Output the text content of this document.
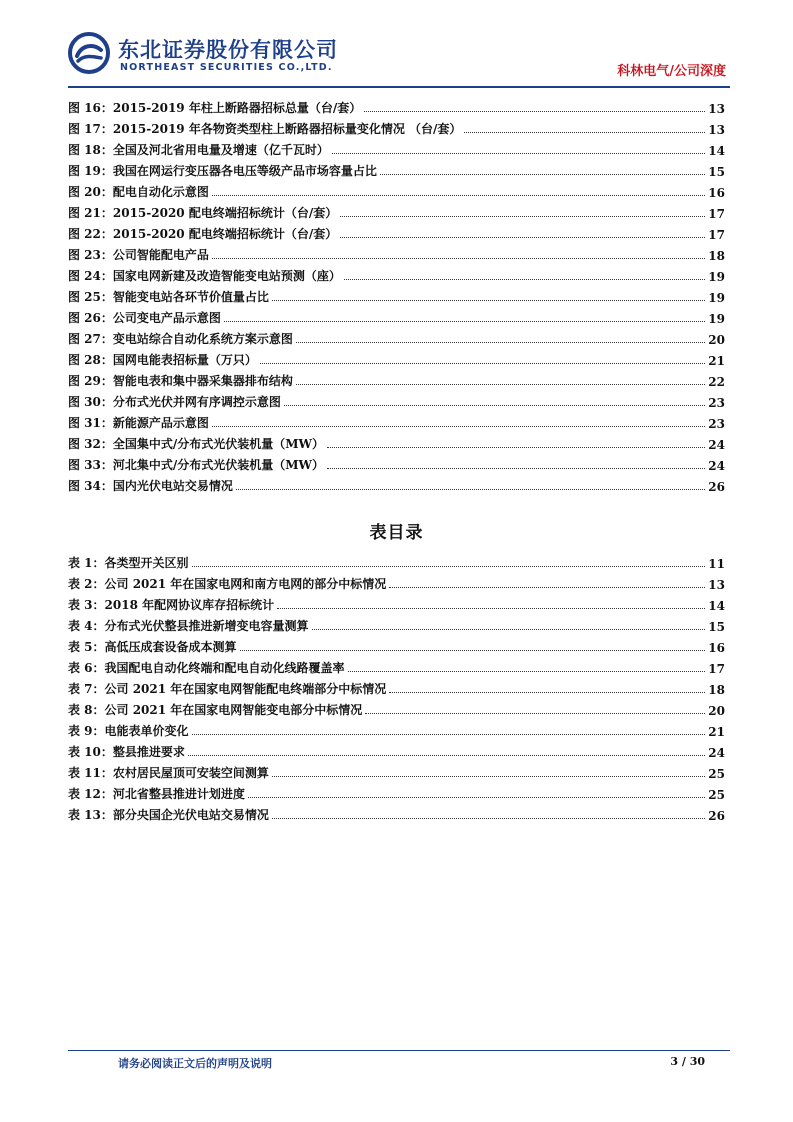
东北证券股份有限公司
NORTHEAST SECURITIES CO.,LTD.	科林电气/公司深度
图 16：2015-2019 年柱上断路器招标总量（台/套）	13
图 17：2015-2019 年各物资类型柱上断路器招标量变化情况 （台/套）	13
图 18：全国及河北省用电量及增速（亿千瓦时）	14
图 19：我国在网运行变压器各电压等级产品市场容量占比	15
图 20：配电自动化示意图	16
图 21：2015-2020 配电终端招标统计（台/套）	17
图 22：2015-2020 配电终端招标统计（台/套）	17
图 23：公司智能配电产品	18
图 24：国家电网新建及改造智能变电站预测（座）	19
图 25：智能变电站各环节价值量占比	19
图 26：公司变电产品示意图	19
图 27：变电站综合自动化系统方案示意图	20
图 28：国网电能表招标量（万只）	21
图 29：智能电表和集中器采集器排布结构	22
图 30：分布式光伏并网有序调控示意图	23
图 31：新能源产品示意图	23
图 32：全国集中式/分布式光伏装机量（MW）	24
图 33：河北集中式/分布式光伏装机量（MW）	24
图 34：国内光伏电站交易情况	26
表目录
表 1：各类型开关区别	11
表 2：公司 2021 年在国家电网和南方电网的部分中标情况	13
表 3：2018 年配网协议库存招标统计	14
表 4：分布式光伏整县推进新增变电容量测算	15
表 5：高低压成套设备成本测算	16
表 6：我国配电自动化终端和配电自动化线路覆盖率	17
表 7：公司 2021 年在国家电网智能配电终端部分中标情况	18
表 8：公司 2021 年在国家电网智能变电部分中标情况	20
表 9：电能表单价变化	21
表 10：整县推进要求	24
表 11：农村居民屋顶可安装空间测算	25
表 12：河北省整县推进计划进度	25
表 13：部分央国企光伏电站交易情况	26
请务必阅读正文后的声明及说明	3 / 30
